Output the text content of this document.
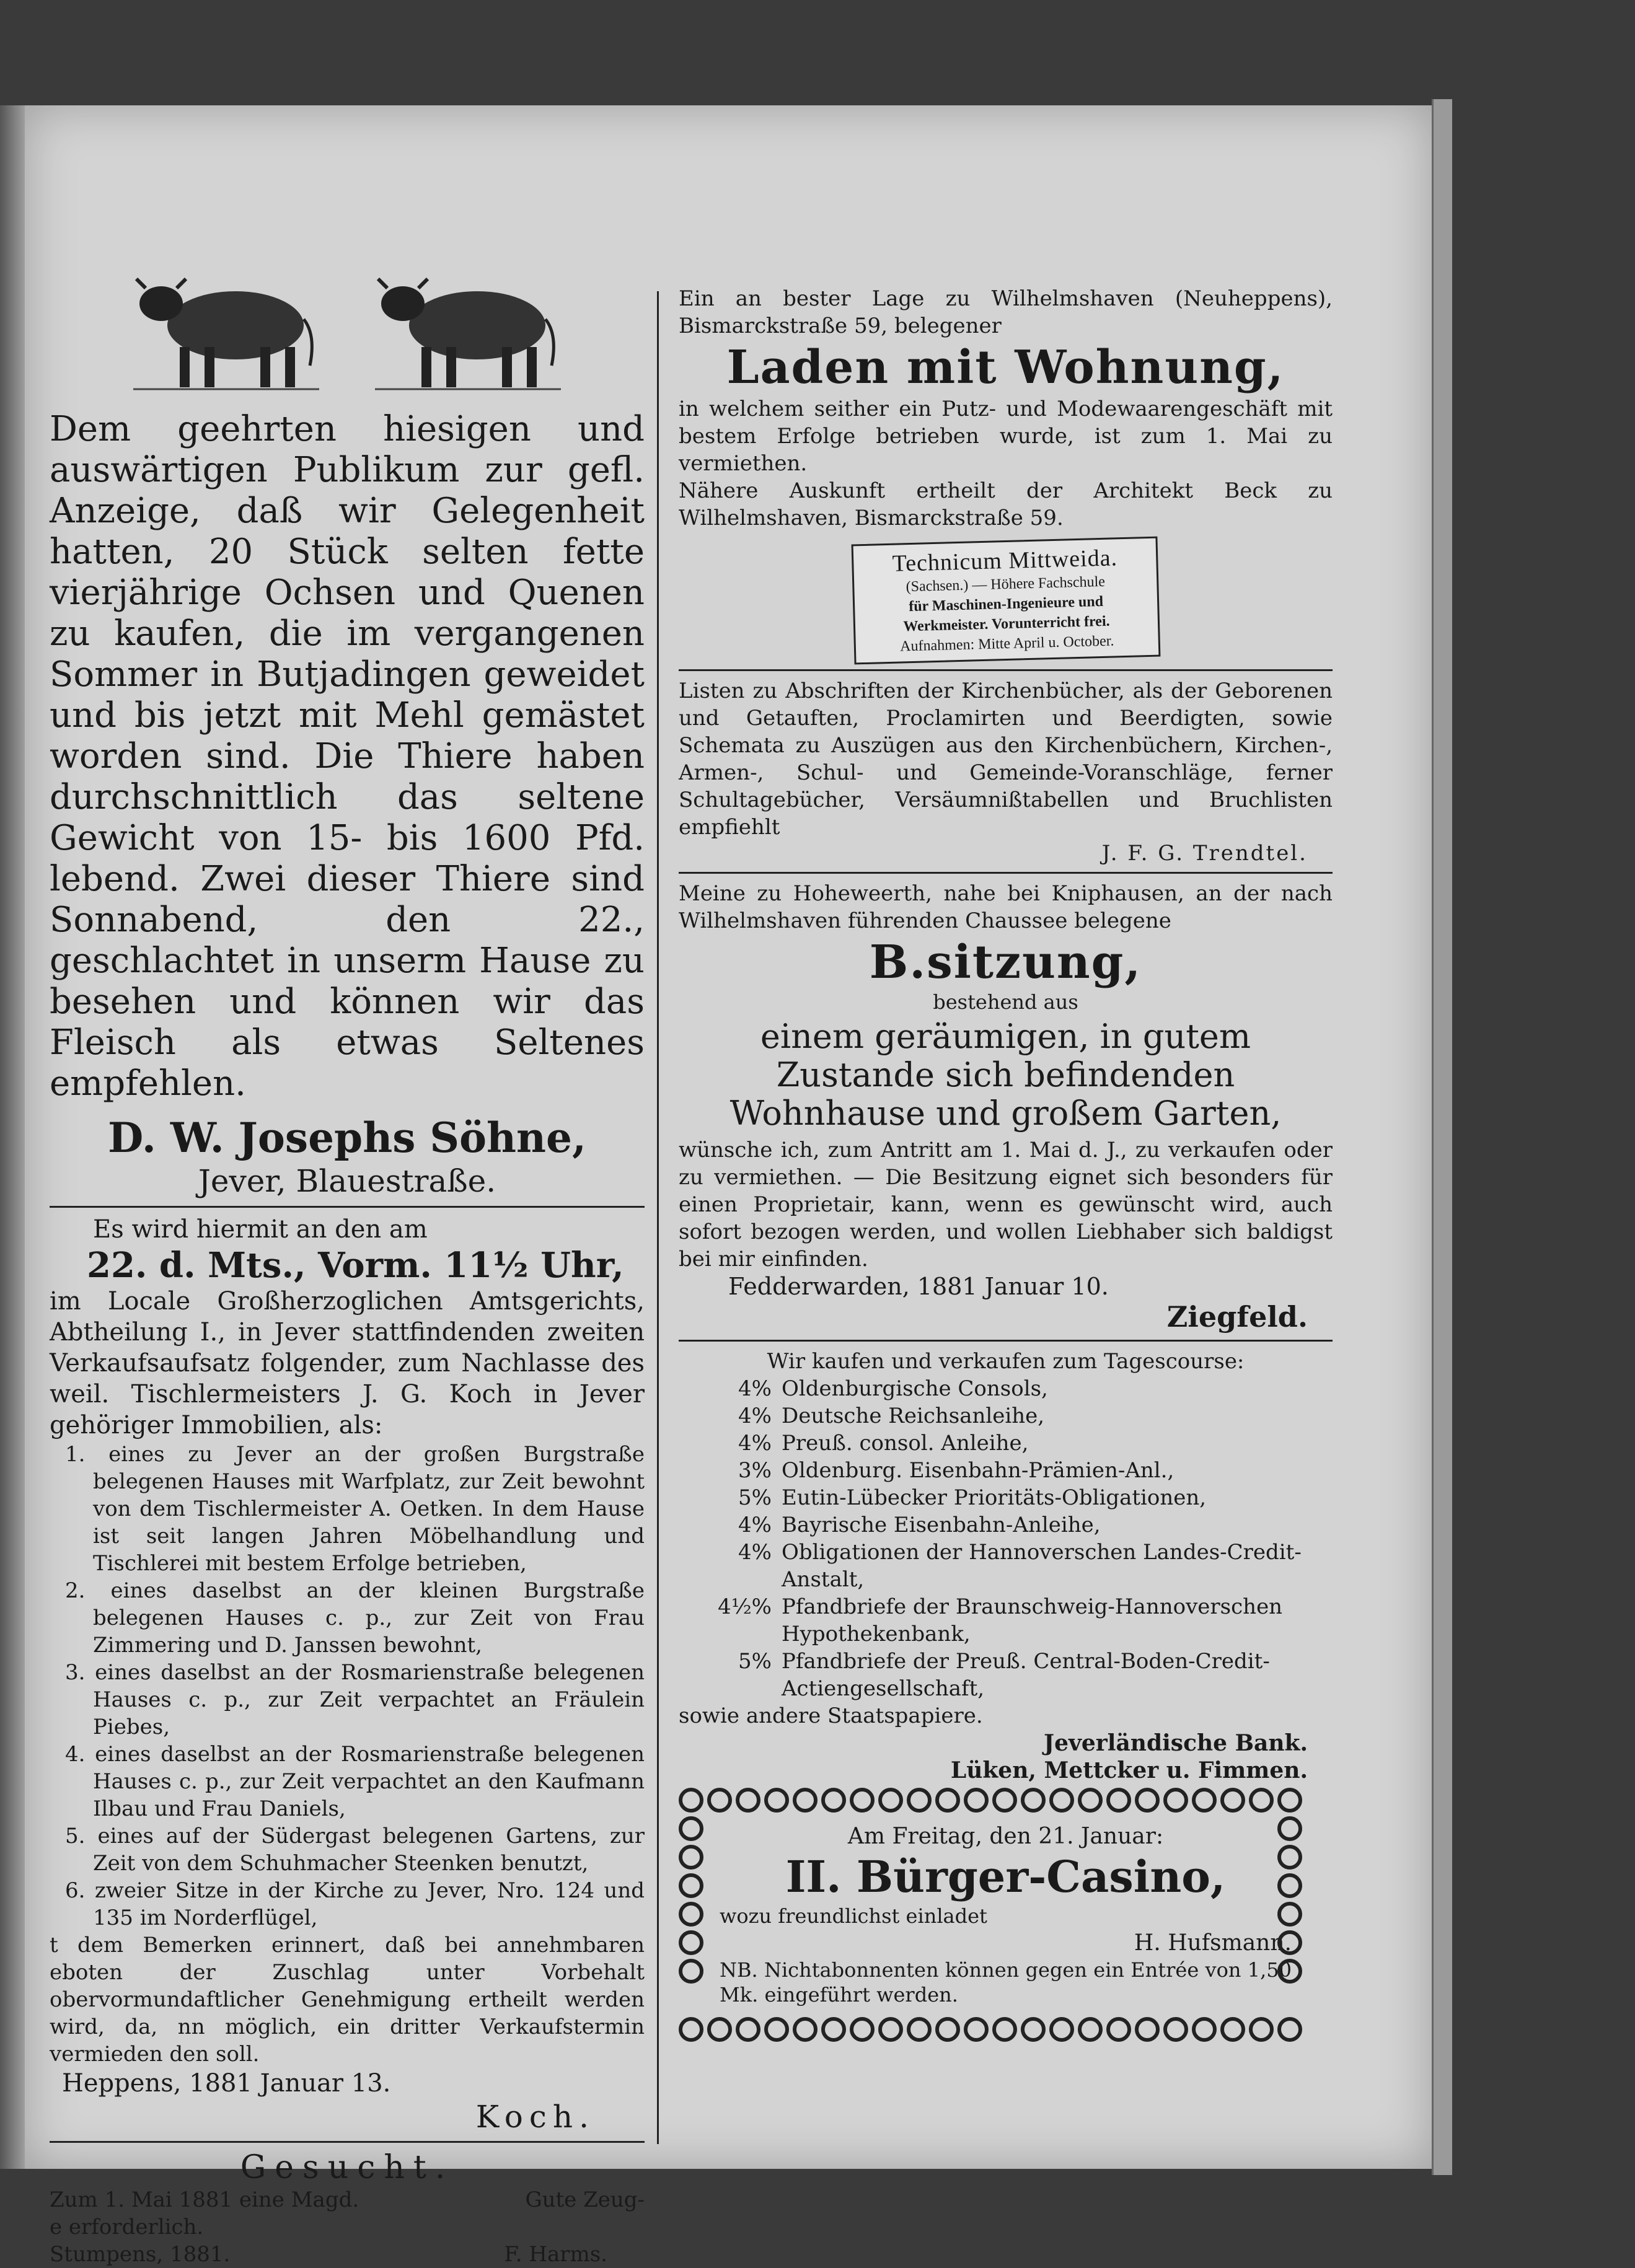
Dem geehrten hiesigen und auswärtigen Publikum zur gefl. Anzeige, daß wir Gelegenheit hatten, 20 Stück selten fette vierjährige Ochsen und Quenen zu kaufen, die im vergangenen Sommer in Butjadingen geweidet und bis jetzt mit Mehl gemästet worden sind. Die Thiere haben durchschnittlich das seltene Gewicht von 15- bis 1600 Pfd. lebend. Zwei dieser Thiere sind Sonnabend, den 22., geschlachtet in unserm Hause zu besehen und können wir das Fleisch als etwas Seltenes empfehlen.

D. W. Josephs Söhne,
Jever, Blauestraße.
Es wird hiermit an den am
22. d. Mts., Vorm. 11½ Uhr,

im Locale Großherzoglichen Amtsgerichts, Abtheilung I., in Jever stattfindenden zweiten Verkaufsaufsatz folgender, zum Nachlasse des weil. Tischlermeisters J. G. Koch in Jever gehöriger Immobilien, als:

1. eines zu Jever an der großen Burgstraße belegenen Hauses mit Warfplatz, zur Zeit bewohnt von dem Tischlermeister A. Oetken. In dem Hause ist seit langen Jahren Möbelhandlung und Tischlerei mit bestem Erfolge betrieben,
2. eines daselbst an der kleinen Burgstraße belegenen Hauses c. p., zur Zeit von Frau Zimmering und D. Janssen bewohnt,
3. eines daselbst an der Rosmarienstraße belegenen Hauses c. p., zur Zeit verpachtet an Fräulein Piebes,
4. eines daselbst an der Rosmarienstraße belegenen Hauses c. p., zur Zeit verpachtet an den Kaufmann Ilbau und Frau Daniels,
5. eines auf der Südergast belegenen Gartens, zur Zeit von dem Schuhmacher Steenken benutzt,
6. zweier Sitze in der Kirche zu Jever, Nro. 124 und 135 im Norderflügel,

t dem Bemerken erinnert, daß bei annehmbaren eboten der Zuschlag unter Vorbehalt obervormundaftlicher Genehmigung ertheilt werden wird, da, nn möglich, ein dritter Verkaufstermin vermieden den soll.

Heppens, 1881 Januar 13.
Koch.
Gesucht.
Zum 1. Mai 1881 eine Magd.	Gute Zeug-
e erforderlich.
Stumpens, 1881.	F. Harms.

Ein an bester Lage zu Wilhelmshaven (Neuheppens), Bismarckstraße 59, belegener

Laden mit Wohnung,

in welchem seither ein Putz- und Modewaarengeschäft mit bestem Erfolge betrieben wurde, ist zum 1. Mai zu vermiethen.

Nähere Auskunft ertheilt der Architekt Beck zu Wilhelmshaven, Bismarckstraße 59.

Technicum Mittweida.
(Sachsen.) — Höhere Fachschule
für Maschinen-Ingenieure und
Werkmeister. Vorunterricht frei.
Aufnahmen: Mitte April u. October.

Listen zu Abschriften der Kirchenbücher, als der Geborenen und Getauften, Proclamirten und Beerdigten, sowie Schemata zu Auszügen aus den Kirchenbüchern, Kirchen-, Armen-, Schul- und Gemeinde-Voranschläge, ferner Schultagebücher, Versäumnißtabellen und Bruchlisten empfiehlt

J. F. G. Trendtel.

Meine zu Hoheweerth, nahe bei Kniphausen, an der nach Wilhelmshaven führenden Chaussee belegene

B.sitzung,
bestehend aus

einem geräumigen, in gutem Zustande sich befindenden Wohnhause und großem Garten,

wünsche ich, zum Antritt am 1. Mai d. J., zu verkaufen oder zu vermiethen. — Die Besitzung eignet sich besonders für einen Proprietair, kann, wenn es gewünscht wird, auch sofort bezogen werden, und wollen Liebhaber sich baldigst bei mir einfinden.

Fedderwarden, 1881 Januar 10.
Ziegfeld.
Wir kaufen und verkaufen zum Tagescourse:
4% Oldenburgische Consols,
4% Deutsche Reichsanleihe,
4% Preuß. consol. Anleihe,
3% Oldenburg. Eisenbahn-Prämien-Anl.,
5% Eutin-Lübecker Prioritäts-Obligationen,
4% Bayrische Eisenbahn-Anleihe,
4% Obligationen der Hannoverschen Landes-Credit-Anstalt,
4½% Pfandbriefe der Braunschweig-Hannoverschen Hypothekenbank,
5% Pfandbriefe der Preuß. Central-Boden-Credit-Actiengesellschaft,
sowie andere Staatspapiere.
Jeverländische Bank.
Lüken, Mettcker u. Fimmen.
Am Freitag, den 21. Januar:
II. Bürger-Casino,
wozu freundlichst einladet
H. Hufsmann.

NB. Nichtabonnenten können gegen ein Entrée von 1,50 Mk. eingeführt werden.
